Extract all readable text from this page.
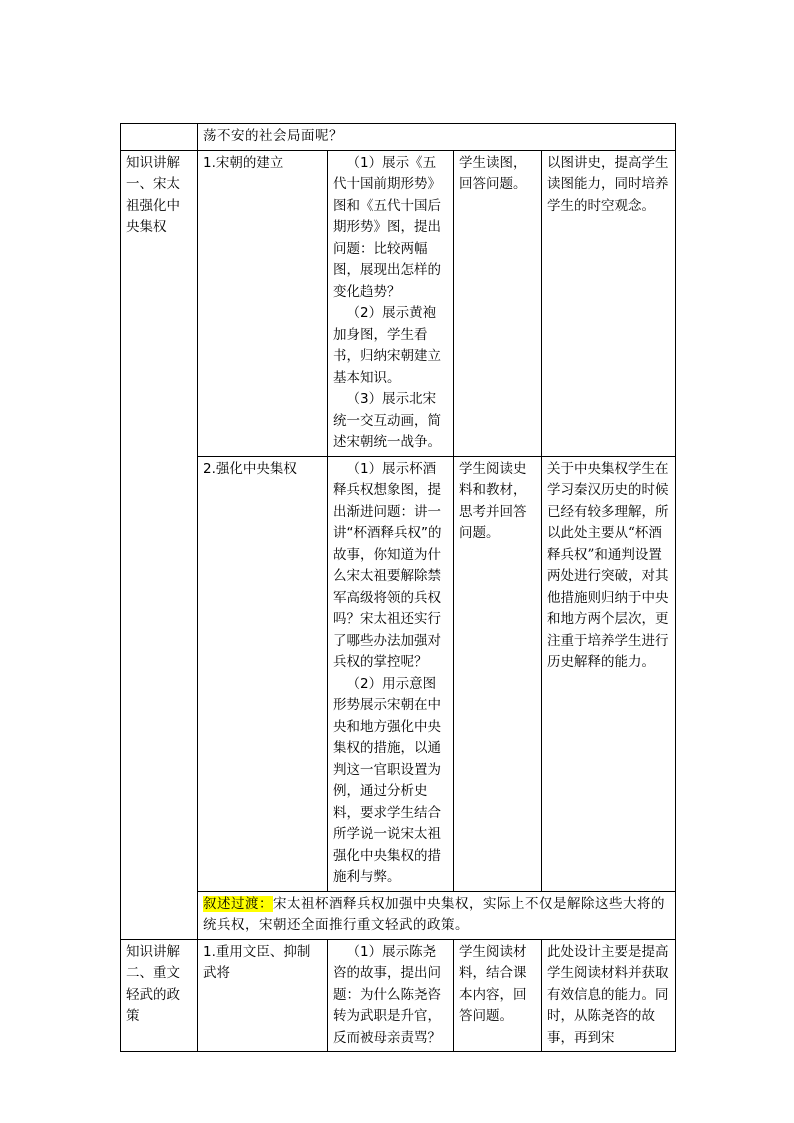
	荡不安的社会局面呢？			
知识讲解一、宋太祖强化中央集权	1.宋朝的建立	（1）展示《五代十国前期形势》图和《五代十国后期形势》图，提出问题：比较两幅图，展现出怎样的变化趋势？
（2）展示黄袍加身图，学生看书，归纳宋朝建立基本知识。
（3）展示北宋统一交互动画，简述宋朝统一战争。	学生读图，回答问题。	以图讲史，提高学生读图能力，同时培养学生的时空观念。
	2.强化中央集权	（1）展示杯酒释兵权想象图，提出渐进问题：讲一讲“杯酒释兵权”的故事，你知道为什么宋太祖要解除禁军高级将领的兵权吗？宋太祖还实行了哪些办法加强对兵权的掌控呢？
（2）用示意图形势展示宋朝在中央和地方强化中央集权的措施，以通判这一官职设置为例，通过分析史料，要求学生结合所学说一说宋太祖强化中央集权的措施利与弊。	学生阅读史料和教材，思考并回答问题。	关于中央集权学生在学习秦汉历史的时候已经有较多理解，所以此处主要从“杯酒释兵权”和通判设置两处进行突破，对其他措施则归纳于中央和地方两个层次，更注重于培养学生进行历史解释的能力。
	叙述过渡：宋太祖杯酒释兵权加强中央集权，实际上不仅是解除这些大将的统兵权，宋朝还全面推行重文轻武的政策。			
知识讲解二、重文轻武的政策	1.重用文臣、抑制武将	（1）展示陈尧咨的故事，提出问题：为什么陈尧咨转为武职是升官，反而被母亲责骂？	学生阅读材料，结合课本内容，回答问题。	此处设计主要是提高学生阅读材料并获取有效信息的能力。同时，从陈尧咨的故事，再到宋
